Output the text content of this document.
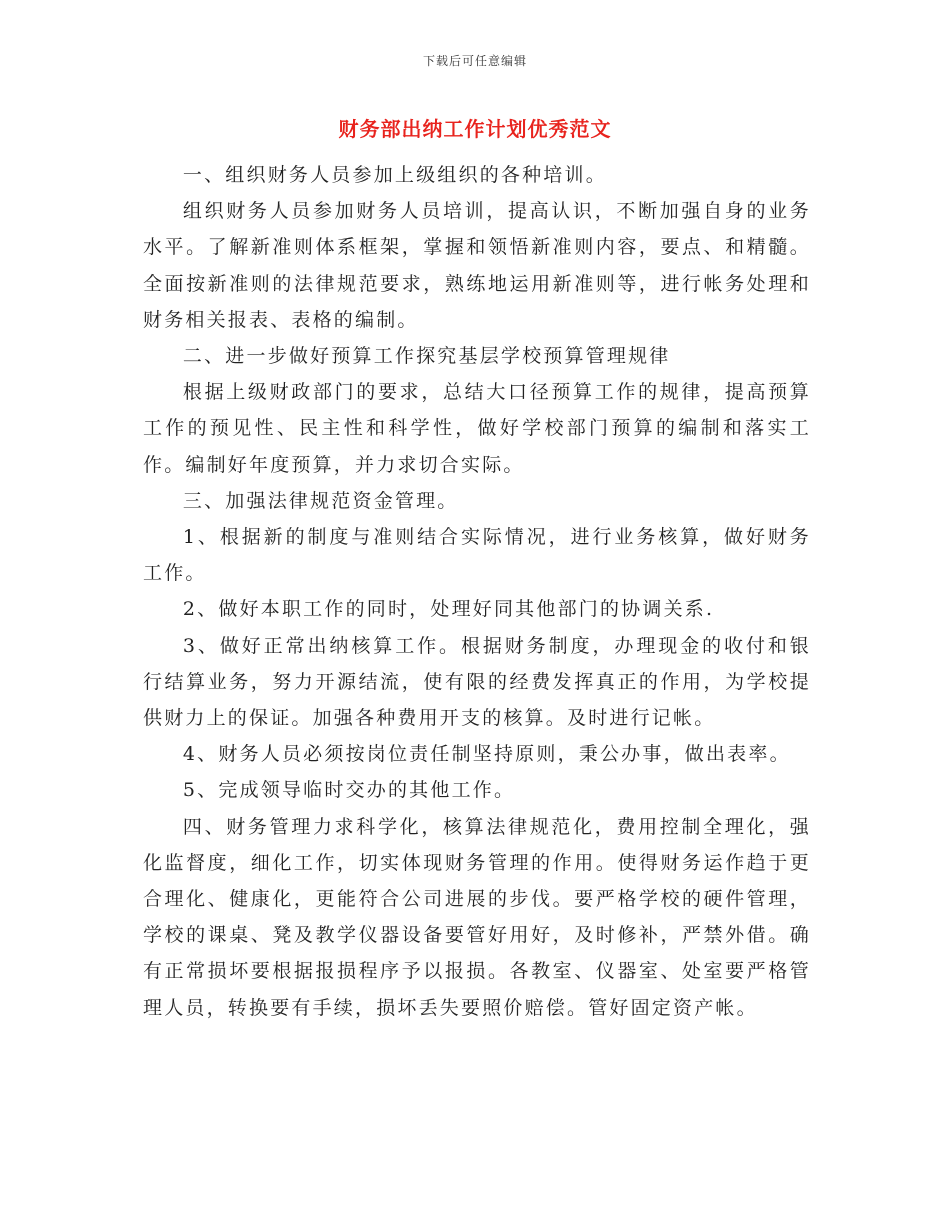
下载后可任意编辑
财务部出纳工作计划优秀范文

一、组织财务人员参加上级组织的各种培训。

组织财务人员参加财务人员培训，提高认识，不断加强自身的业务水平。了解新准则体系框架，掌握和领悟新准则内容，要点、和精髓。全面按新准则的法律规范要求，熟练地运用新准则等，进行帐务处理和财务相关报表、表格的编制。

二、进一步做好预算工作探究基层学校预算管理规律

根据上级财政部门的要求，总结大口径预算工作的规律，提高预算工作的预见性、民主性和科学性，做好学校部门预算的编制和落实工作。编制好年度预算，并力求切合实际。

三、加强法律规范资金管理。

1、根据新的制度与准则结合实际情况，进行业务核算，做好财务工作。

2、做好本职工作的同时，处理好同其他部门的协调关系.

3、做好正常出纳核算工作。根据财务制度，办理现金的收付和银行结算业务，努力开源结流，使有限的经费发挥真正的作用，为学校提供财力上的保证。加强各种费用开支的核算。及时进行记帐。

4、财务人员必须按岗位责任制坚持原则，秉公办事，做出表率。

5、完成领导临时交办的其他工作。

四、财务管理力求科学化，核算法律规范化，费用控制全理化，强化监督度，细化工作，切实体现财务管理的作用。使得财务运作趋于更合理化、健康化，更能符合公司进展的步伐。要严格学校的硬件管理，学校的课桌、凳及教学仪器设备要管好用好，及时修补，严禁外借。确有正常损坏要根据报损程序予以报损。各教室、仪器室、处室要严格管理人员，转换要有手续，损坏丢失要照价赔偿。管好固定资产帐。
